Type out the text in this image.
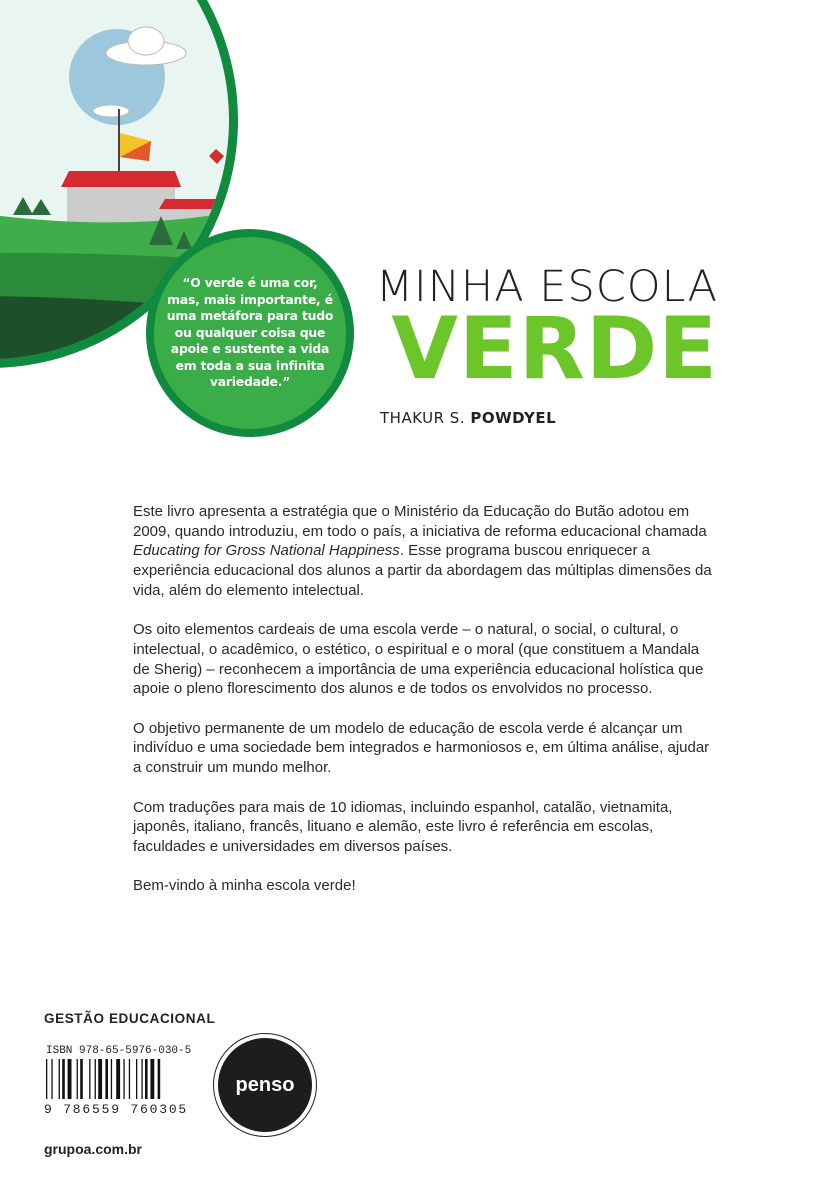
“O verde é uma cor, mas, mais importante, é uma metáfora para tudo ou qualquer coisa que apoie e sustente a vida em toda a sua infinita variedade.”
MINHA ESCOLA
VERDE
THAKUR S. POWDYEL

Este livro apresenta a estratégia que o Ministério da Educação do Butão adotou em 2009, quando introduziu, em todo o país, a iniciativa de reforma educacional chamada Educating for Gross National Happiness. Esse programa buscou enriquecer a experiência educacional dos alunos a partir da abordagem das múltiplas dimensões da vida, além do elemento intelectual.

Os oito elementos cardeais de uma escola verde – o natural, o social, o cultural, o intelectual, o acadêmico, o estético, o espiritual e o moral (que constituem a Mandala de Sherig) – reconhecem a importância de uma experiência educacional holística que apoie o pleno florescimento dos alunos e de todos os envolvidos no processo.

O objetivo permanente de um modelo de educação de escola verde é alcançar um indivíduo e uma sociedade bem integrados e harmoniosos e, em última análise, ajudar a construir um mundo melhor.

Com traduções para mais de 10 idiomas, incluindo espanhol, catalão, vietnamita, japonês, italiano, francês, lituano e alemão, este livro é referência em escolas, faculdades e universidades em diversos países.

Bem-vindo à minha escola verde!

GESTÃO EDUCACIONAL
ISBN 978-65-5976-030-5
9 786559 760305
grupoa.com.br
penso
